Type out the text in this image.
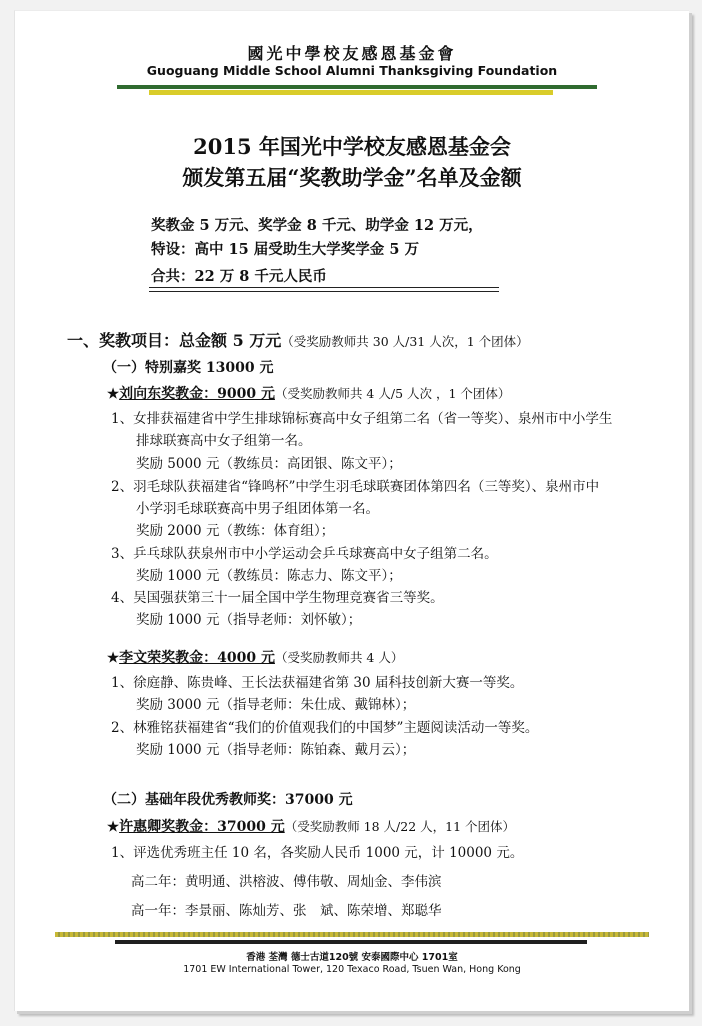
國光中學校友感恩基金會
Guoguang Middle School Alumni Thanksgiving Foundation
2015 年国光中学校友感恩基金会
颁发第五届“奖教助学金”名单及金额
奖教金 5 万元、奖学金 8 千元、助学金 12 万元，
特设：高中 15 届受助生大学奖学金 5 万
合共：22 万 8 千元人民币
一、奖教项目：总金额 5 万元（受奖励教师共 30 人/31 人次，1 个团体）
（一）特别嘉奖 13000 元
★刘向东奖教金：9000 元（受奖励教师共 4 人/5 人次 ，1 个团体）
1、女排获福建省中学生排球锦标赛高中女子组第二名（省一等奖）、泉州市中小学生
排球联赛高中女子组第一名。
奖励 5000 元（教练员：高团银、陈文平）；
2、羽毛球队获福建省“锋鸣杯”中学生羽毛球联赛团体第四名（三等奖）、泉州市中
小学羽毛球联赛高中男子组团体第一名。
奖励 2000 元（教练：体育组）；
3、乒乓球队获泉州市中小学运动会乒乓球赛高中女子组第二名。
奖励 1000 元（教练员：陈志力、陈文平）；
4、吴国强获第三十一届全国中学生物理竞赛省三等奖。
奖励 1000 元（指导老师：刘怀敏）；
★李文荣奖教金：4000 元（受奖励教师共 4 人）
1、徐庭静、陈贵峰、王长法获福建省第 30 届科技创新大赛一等奖。
奖励 3000 元（指导老师：朱仕成、戴锦林）；
2、林雅铭获福建省“我们的价值观我们的中国梦”主题阅读活动一等奖。
奖励 1000 元（指导老师：陈铂森、戴月云）；
（二）基础年段优秀教师奖：37000 元
★许惠卿奖教金：37000 元（受奖励教师 18 人/22 人，11 个团体）
1、评选优秀班主任 10 名，各奖励人民币 1000 元，计 10000 元。
高二年：黄明通、洪榕波、傅伟敬、周灿金、李伟滨
高一年：李景丽、陈灿芳、张　斌、陈荣增、郑聪华
香港 荃灣 德士古道120號 安泰國際中心 1701室
1701 EW International Tower, 120 Texaco Road, Tsuen Wan, Hong Kong
